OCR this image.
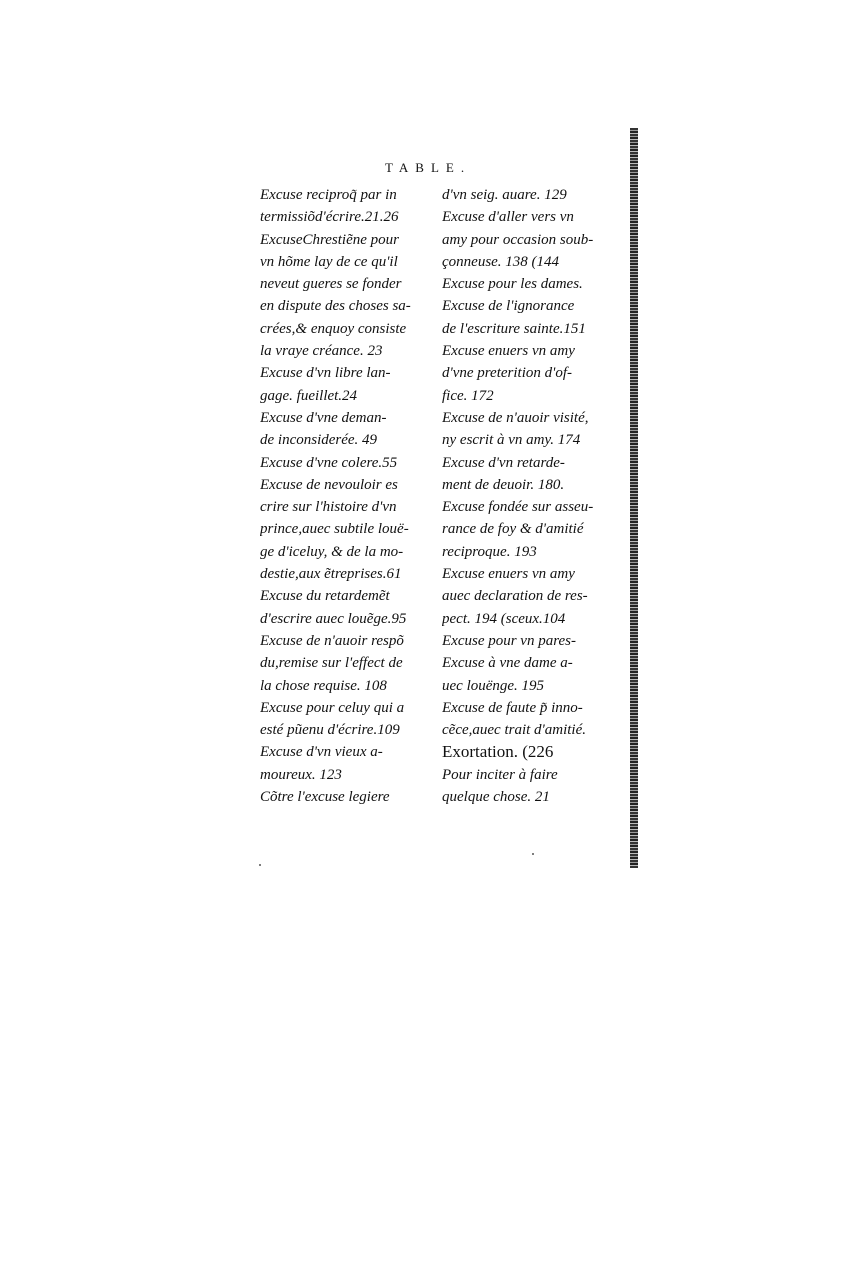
TABLE.
Excuse reciproq̃ par in
termissiõd'écrire.21.26
ExcuseChrestiẽne pour
vn hõme lay de ce qu'il
neveut gueres se fonder
en dispute des choses sa-
crées,& enquoy consiste
la vraye créance. 23
Excuse d'vn libre lan-
gage. fueillet.24
Excuse d'vne deman-
de inconsiderée. 49
Excuse d'vne colere.55
Excuse de nevouloir es
crire sur l'histoire d'vn
prince,auec subtile louë-
ge d'iceluy, & de la mo-
destie,aux ẽtreprises.61
Excuse du retardemẽt
d'escrire auec louẽge.95
Excuse de n'auoir respõ
du,remise sur l'effect de
la chose requise. 108
Excuse pour celuy qui a
esté pũenu d'écrire.109
Excuse d'vn vieux a-
moureux. 123
Cõtre l'excuse legiere
d'vn seig. auare. 129
Excuse d'aller vers vn
amy pour occasion soub-
çonneuse. 138 (144
Excuse pour les dames.
Excuse de l'ignorance
de l'escriture sainte.151
Excuse enuers vn amy
d'vne preterition d'of-
fice. 172
Excuse de n'auoir visité,
ny escrit à vn amy. 174
Excuse d'vn retarde-
ment de deuoir. 180.
Excuse fondée sur asseu-
rance de foy & d'amitié
reciproque. 193
Excuse enuers vn amy
auec declaration de res-
pect. 194 (sceux.104
Excuse pour vn pares-
Excuse à vne dame a-
uec louënge. 195
Excuse de faute p̃ inno-
cẽce,auec trait d'amitié.
Exortation. (226
Pour inciter à faire
quelque chose. 21
